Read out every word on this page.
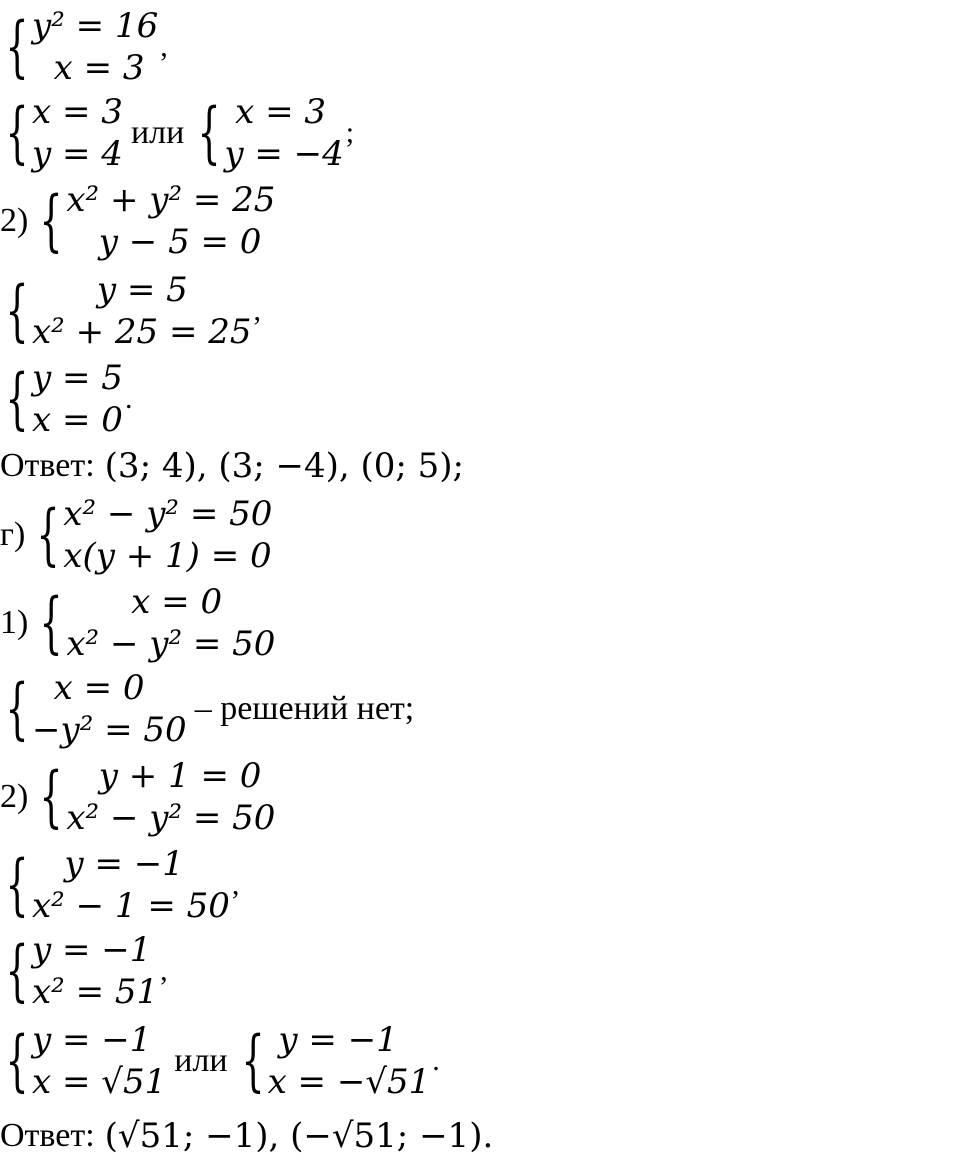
{ y² = 16
x = 3
,
{ x = 3
y = 4
или { x = 3
y = −4
;
2) { x² + y² = 25
y − 5 = 0
{ y = 5
x² + 25 = 25
,
{ y = 5
x = 0
.
Ответ: (3; 4), (3; −4), (0; 5);
г) { x² − y² = 50
x(y + 1) = 0
1) { x = 0
x² − y² = 50
{ x = 0
−y² = 50
– решений нет;
2) { y + 1 = 0
x² − y² = 50
{ y = −1
x² − 1 = 50
,
{ y = −1
x² = 51
,
{ y = −1
x = √51
или { y = −1
x = −√51
.
Ответ: (√51; −1), (−√51; −1).
